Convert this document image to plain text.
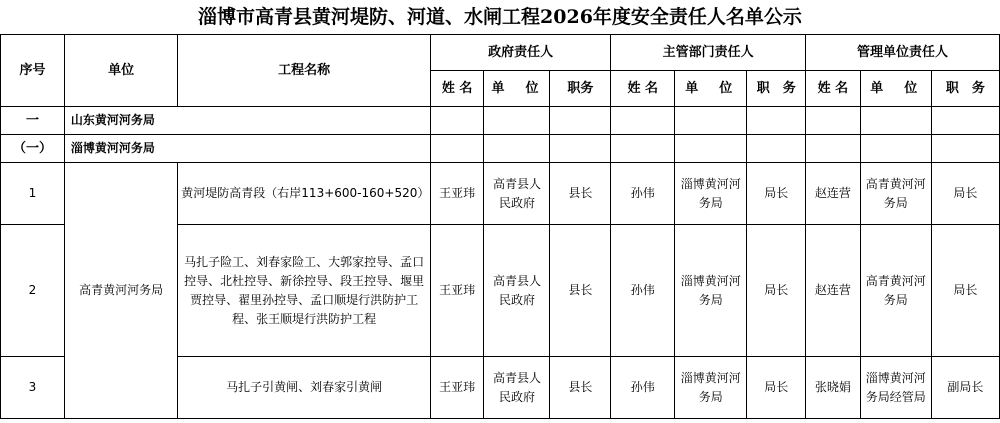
淄博市高青县黄河堤防、河道、水闸工程2026年度安全责任人名单公示
序号	单位	工程名称	政府责任人			主管部门责任人			管理单位责任人		
			姓 名	单　位	职务	姓 名	单　位	职　务	姓 名	单　位	职　务
一	山东黄河河务局										
（一）	淄博黄河河务局										
1	高青黄河河务局	黄河堤防高青段（右岸113+600-160+520）	王亚玮	高青县人民政府	县长	孙伟	淄博黄河河务局	局长	赵连营	高青黄河河务局	局长
2		马扎子险工、刘春家险工、大郭家控导、孟口控导、北杜控导、新徐控导、段王控导、堰里贾控导、翟里孙控导、孟口顺堤行洪防护工程、张王顺堤行洪防护工程	王亚玮	高青县人民政府	县长	孙伟	淄博黄河河务局	局长	赵连营	高青黄河河务局	局长
3		马扎子引黄闸、刘春家引黄闸	王亚玮	高青县人民政府	县长	孙伟	淄博黄河河务局	局长	张晓娟	淄博黄河河务局经管局	副局长
